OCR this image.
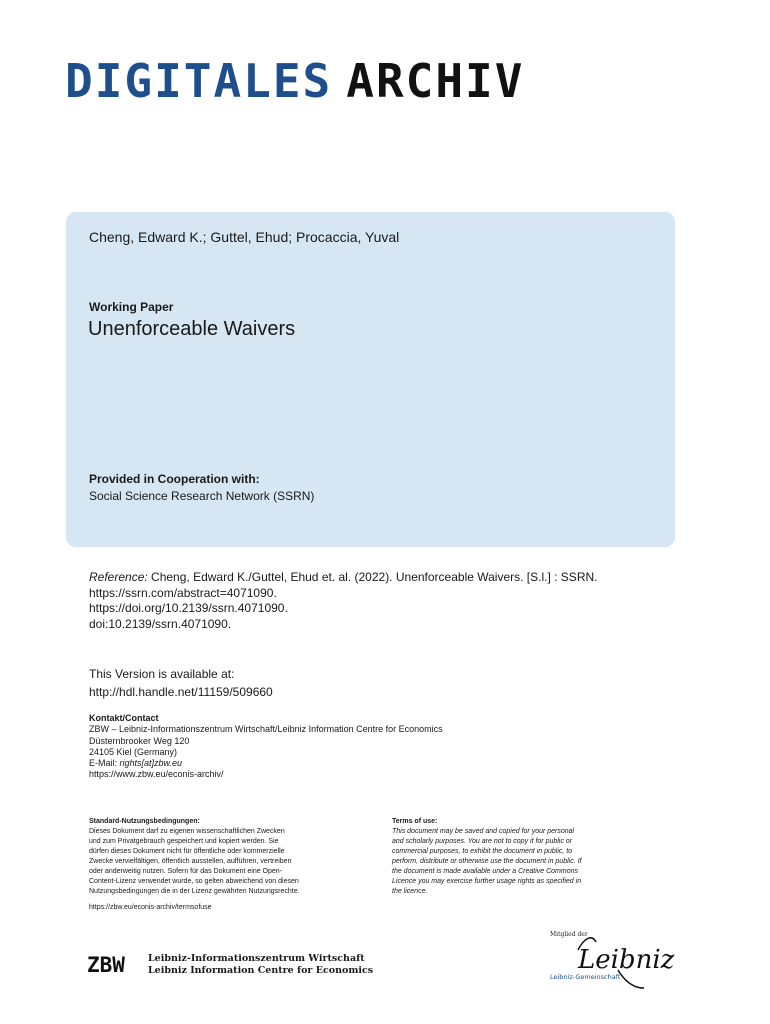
DIGITALES ARCHIV
Cheng, Edward K.; Guttel, Ehud; Procaccia, Yuval
Working Paper
Unenforceable Waivers
Provided in Cooperation with:
Social Science Research Network (SSRN)
Reference: Cheng, Edward K./Guttel, Ehud et. al. (2022). Unenforceable Waivers. [S.l.] : SSRN.
https://ssrn.com/abstract=4071090.
https://doi.org/10.2139/ssrn.4071090.
doi:10.2139/ssrn.4071090.
This Version is available at:
http://hdl.handle.net/11159/509660
Kontakt/Contact
ZBW – Leibniz-Informationszentrum Wirtschaft/Leibniz Information Centre for Economics
Düsternbrooker Weg 120
24105 Kiel (Germany)
E-Mail: rights[at]zbw.eu
https://www.zbw.eu/econis-archiv/
Standard-Nutzungsbedingungen:
Dieses Dokument darf zu eigenen wissenschaftlichen Zwecken
und zum Privatgebrauch gespeichert und kopiert werden. Sie
dürfen dieses Dokument nicht für öffentliche oder kommerzielle
Zwecke vervielfältigen, öffentlich ausstellen, aufführen, vertreiben
oder anderweitig nutzen. Sofern für das Dokument eine Open-
Content-Lizenz verwendet wurde, so gelten abweichend von diesen
Nutzungsbedingungen die in der Lizenz gewährten Nutzungsrechte.
Terms of use:
This document may be saved and copied for your personal
and scholarly purposes. You are not to copy it for public or
commercial purposes, to exhibit the document in public, to
perform, distribute or otherwise use the document in public. If
the document is made available under a Creative Commons
Licence you may exercise further usage rights as specified in
the licence.
https://zbw.eu/econis-archiv/termsofuse
ZBW Leibniz-Informationszentrum Wirtschaft
Leibniz Information Centre for Economics
Mitglied der
Leibniz
Leibniz-Gemeinschaft
